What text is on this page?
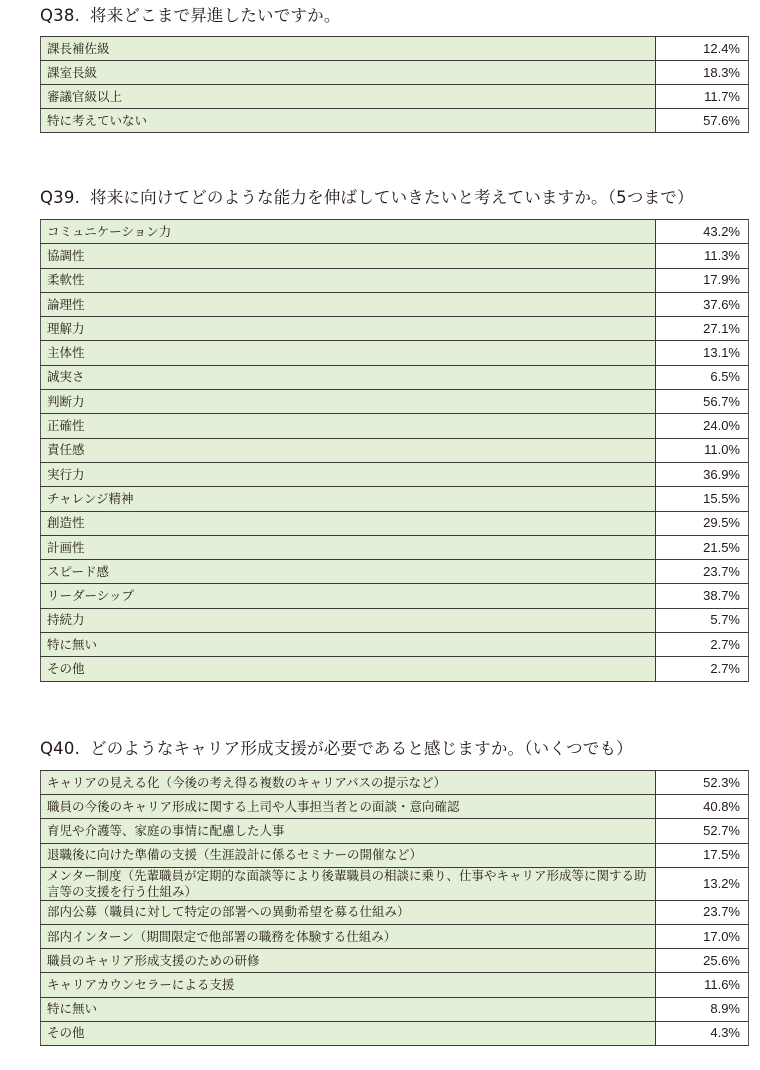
Q38. 将来どこまで昇進したいですか。
課長補佐級	12.4%
課室長級	18.3%
審議官級以上	11.7%
特に考えていない	57.6%
Q39. 将来に向けてどのような能力を伸ばしていきたいと考えていますか。（5つまで）
コミュニケーション力	43.2%
協調性	11.3%
柔軟性	17.9%
論理性	37.6%
理解力	27.1%
主体性	13.1%
誠実さ	6.5%
判断力	56.7%
正確性	24.0%
責任感	11.0%
実行力	36.9%
チャレンジ精神	15.5%
創造性	29.5%
計画性	21.5%
スピード感	23.7%
リーダーシップ	38.7%
持続力	5.7%
特に無い	2.7%
その他	2.7%
Q40. どのようなキャリア形成支援が必要であると感じますか。（いくつでも）
キャリアの見える化（今後の考え得る複数のキャリアパスの提示など）	52.3%
職員の今後のキャリア形成に関する上司や人事担当者との面談・意向確認	40.8%
育児や介護等、家庭の事情に配慮した人事	52.7%
退職後に向けた準備の支援（生涯設計に係るセミナーの開催など）	17.5%
メンター制度（先輩職員が定期的な面談等により後輩職員の相談に乗り、仕事やキャリア形成等に関する助言等の支援を行う仕組み）	13.2%
部内公募（職員に対して特定の部署への異動希望を募る仕組み）	23.7%
部内インターン（期間限定で他部署の職務を体験する仕組み）	17.0%
職員のキャリア形成支援のための研修	25.6%
キャリアカウンセラーによる支援	11.6%
特に無い	8.9%
その他	4.3%
